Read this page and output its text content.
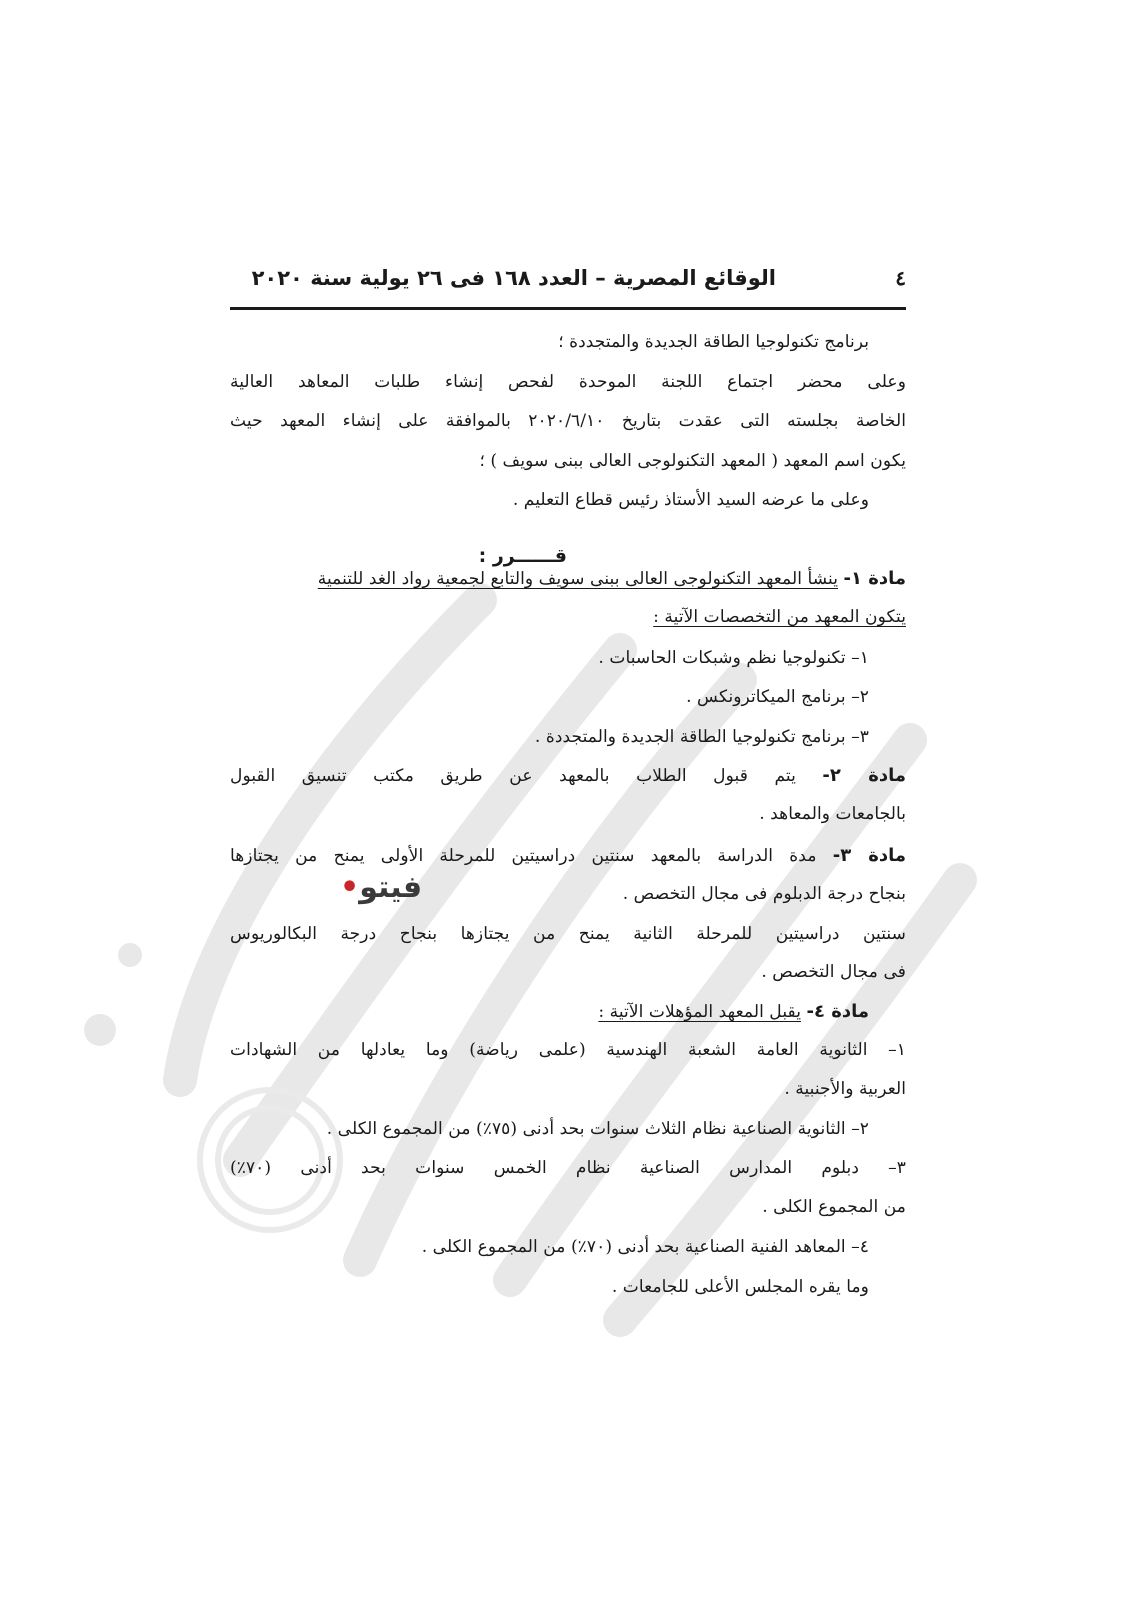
٤
الوقائع المصرية – العدد ١٦٨ فى ٢٦ يولية سنة ٢٠٢٠
برنامج تكنولوجيا الطاقة الجديدة والمتجددة ؛
وعلى محضر اجتماع اللجنة الموحدة لفحص إنشاء طلبات المعاهد العالية
الخاصة بجلسته التى عقدت بتاريخ ٢٠٢٠/٦/١٠ بالموافقة على إنشاء المعهد حيث
يكون اسم المعهد ( المعهد التكنولوجى العالى ببنى سويف ) ؛
وعلى ما عرضه السيد الأستاذ رئيس قطاع التعليم .
قــــــرر :
مادة ١- ينشأ المعهد التكنولوجى العالى ببنى سويف والتابع لجمعية رواد الغد للتنمية
يتكون المعهد من التخصصات الآتية :
١– تكنولوجيا نظم وشبكات الحاسبات .
٢– برنامج الميكاترونكس .
٣– برنامج تكنولوجيا الطاقة الجديدة والمتجددة .
مادة ٢- يتم قبول الطلاب بالمعهد عن طريق مكتب تنسيق القبول
بالجامعات والمعاهد .
مادة ٣- مدة الدراسة بالمعهد سنتين دراسيتين للمرحلة الأولى يمنح من يجتازها
بنجاح درجة الدبلوم فى مجال التخصص .
سنتين دراسيتين للمرحلة الثانية يمنح من يجتازها بنجاح درجة البكالوريوس
فى مجال التخصص .
فيتو•
مادة ٤- يقبل المعهد المؤهلات الآتية :
١– الثانوية العامة الشعبة الهندسية (علمى رياضة) وما يعادلها من الشهادات
العربية والأجنبية .
٢– الثانوية الصناعية نظام الثلاث سنوات بحد أدنى (٧٥٪) من المجموع الكلى .
٣– دبلوم المدارس الصناعية نظام الخمس سنوات بحد أدنى (٧٠٪)
من المجموع الكلى .
٤– المعاهد الفنية الصناعية بحد أدنى (٧٠٪) من المجموع الكلى .
وما يقره المجلس الأعلى للجامعات .
